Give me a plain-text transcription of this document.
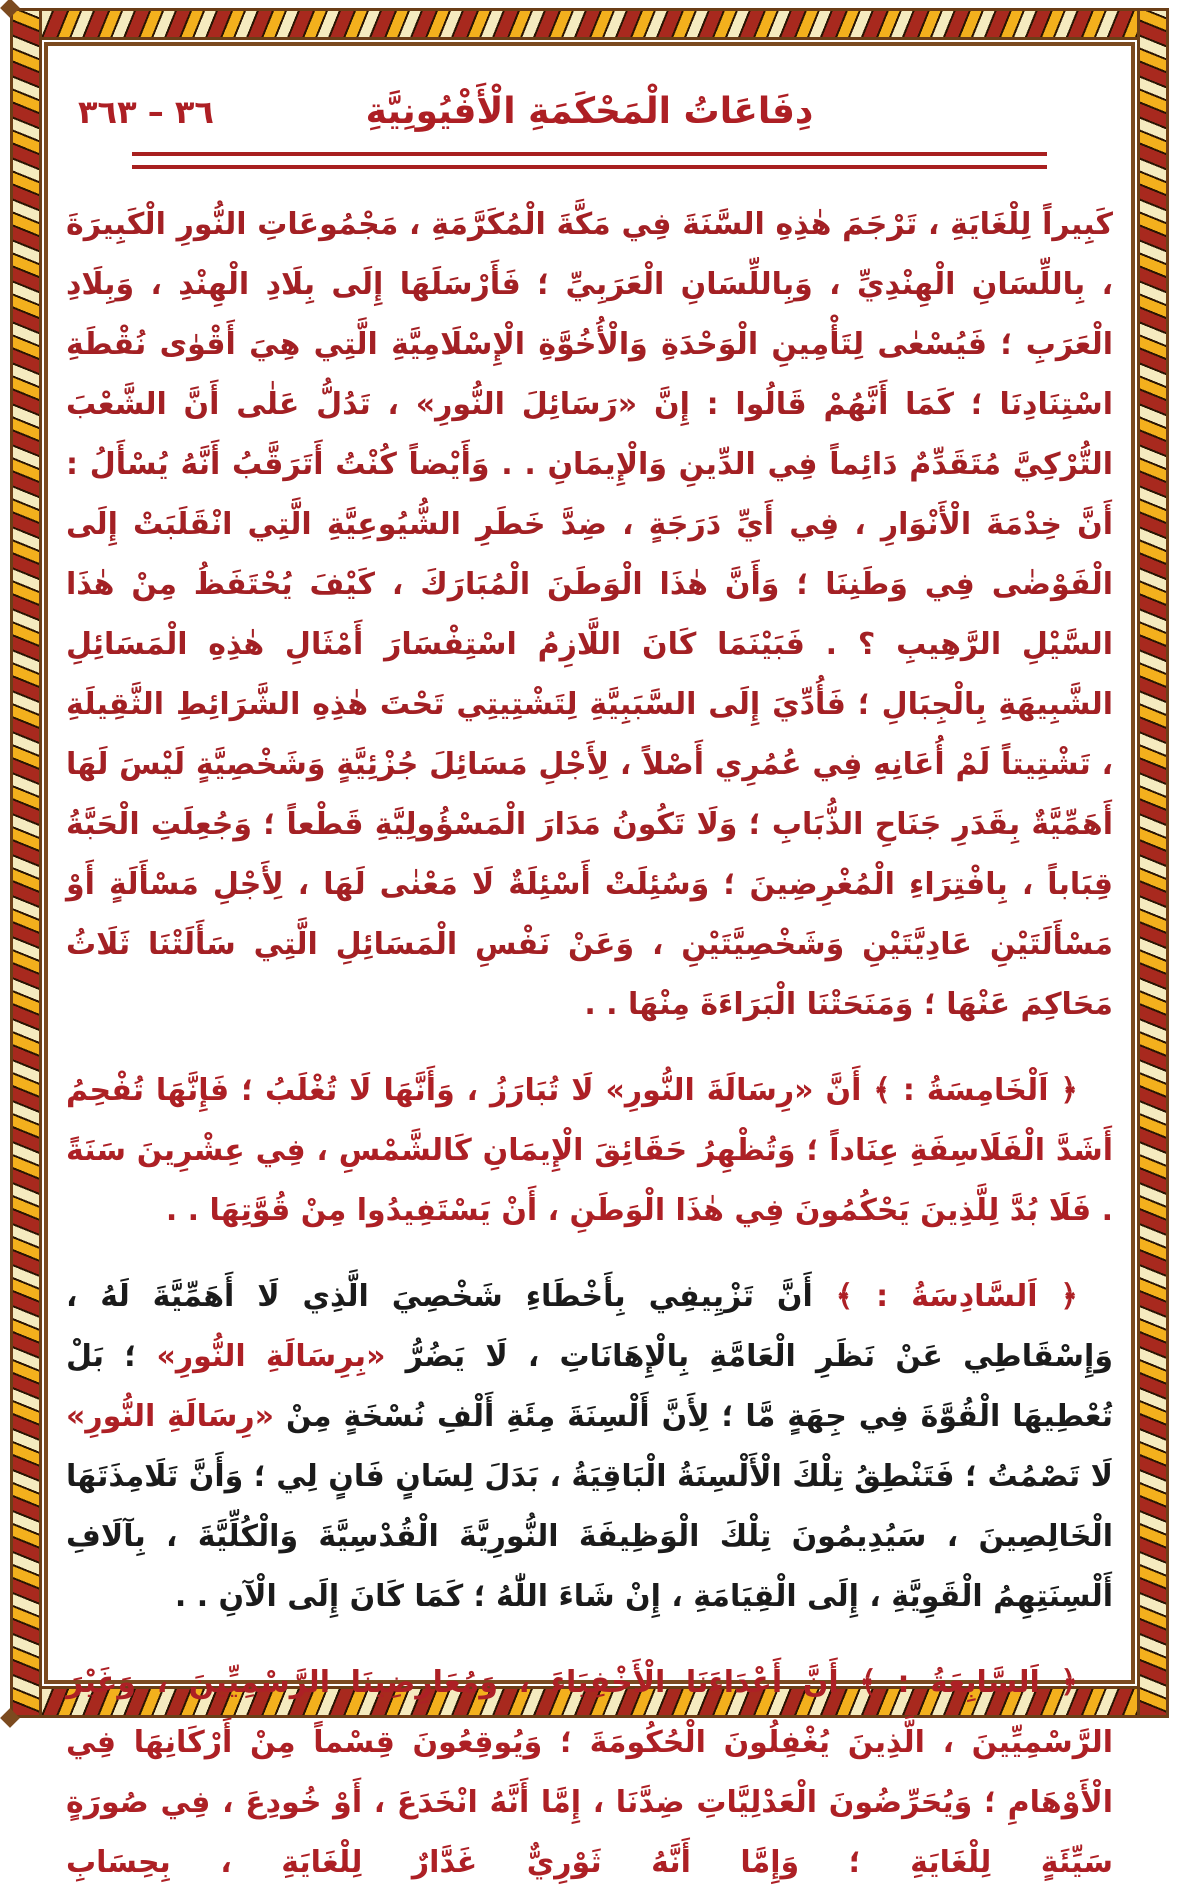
٣٦ – ٣٦٣	دِفَاعَاتُ الْمَحْكَمَةِ الْأَفْيُونِيَّةِ
كَبِيراً لِلْغَايَةِ ، تَرْجَمَ هٰذِهِ السَّنَةَ فِي مَكَّةَ الْمُكَرَّمَةِ ، مَجْمُوعَاتِ النُّورِ الْكَبِيرَةَ ، بِاللِّسَانِ الْهِنْدِيِّ ، وَبِاللِّسَانِ الْعَرَبِيِّ ؛ فَأَرْسَلَهَا إِلَى بِلَادِ الْهِنْدِ ، وَبِلَادِ الْعَرَبِ ؛ فَيُسْعٰى لِتَأْمِينِ الْوَحْدَةِ وَالْأُخُوَّةِ الْإِسْلَامِيَّةِ الَّتِي هِيَ أَقْوٰى نُقْطَةِ اسْتِنَادِنَا ؛ كَمَا أَنَّهُمْ قَالُوا : إِنَّ «رَسَائِلَ النُّورِ» ، تَدُلُّ عَلٰى أَنَّ الشَّعْبَ التُّرْكِيَّ مُتَقَدِّمٌ دَائِماً فِي الدِّينِ وَالْإِيمَانِ . . وَأَيْضاً كُنْتُ أَتَرَقَّبُ أَنَّهُ يُسْأَلُ : أَنَّ خِدْمَةَ الْأَنْوَارِ ، فِي أَيِّ دَرَجَةٍ ، ضِدَّ خَطَرِ الشُّيُوعِيَّةِ الَّتِي انْقَلَبَتْ إِلَى الْفَوْضٰى فِي وَطَنِنَا ؛ وَأَنَّ هٰذَا الْوَطَنَ الْمُبَارَكَ ، كَيْفَ يُحْتَفَظُ مِنْ هٰذَا السَّيْلِ الرَّهِيبِ ؟ . فَبَيْنَمَا كَانَ اللَّازِمُ اسْتِفْسَارَ أَمْثَالِ هٰذِهِ الْمَسَائِلِ الشَّبِيهَةِ بِالْجِبَالِ ؛ فَأُدِّيَ إِلَى السَّبَبِيَّةِ لِتَشْتِيتِي تَحْتَ هٰذِهِ الشَّرَائِطِ الثَّقِيلَةِ ، تَشْتِيتاً لَمْ أُعَانِهِ فِي عُمُرِي أَصْلاً ، لِأَجْلِ مَسَائِلَ جُزْئِيَّةٍ وَشَخْصِيَّةٍ لَيْسَ لَهَا أَهَمِّيَّةٌ بِقَدَرِ جَنَاحِ الذُّبَابِ ؛ وَلَا تَكُونُ مَدَارَ الْمَسْؤُولِيَّةِ قَطْعاً ؛ وَجُعِلَتِ الْحَبَّةُ قِبَاباً ، بِافْتِرَاءِ الْمُغْرِضِينَ ؛ وَسُئِلَتْ أَسْئِلَةٌ لَا مَعْنٰى لَهَا ، لِأَجْلِ مَسْأَلَةٍ أَوْ مَسْأَلَتَيْنِ عَادِيَّتَيْنِ وَشَخْصِيَّتَيْنِ ، وَعَنْ نَفْسِ الْمَسَائِلِ الَّتِي سَأَلَتْنَا ثَلَاثُ مَحَاكِمَ عَنْهَا ؛ وَمَنَحَتْنَا الْبَرَاءَةَ مِنْهَا . .
﴿ اَلْخَامِسَةُ : ﴾ أَنَّ «رِسَالَةَ النُّورِ» لَا تُبَارَزُ ، وَأَنَّهَا لَا تُغْلَبُ ؛ فَإِنَّهَا تُفْحِمُ أَشَدَّ الْفَلَاسِفَةِ عِنَاداً ؛ وَتُظْهِرُ حَقَائِقَ الْإِيمَانِ كَالشَّمْسِ ، فِي عِشْرِينَ سَنَةً . فَلَا بُدَّ لِلَّذِينَ يَحْكُمُونَ فِي هٰذَا الْوَطَنِ ، أَنْ يَسْتَفِيدُوا مِنْ قُوَّتِهَا . .
﴿ اَلسَّادِسَةُ : ﴾ أَنَّ تَزْيِيفِي بِأَخْطَاءِ شَخْصِيَ الَّذِي لَا أَهَمِّيَّةَ لَهُ ، وَإِسْقَاطِي عَنْ نَظَرِ الْعَامَّةِ بِالْإِهَانَاتِ ، لَا يَضُرُّ «بِرِسَالَةِ النُّورِ» ؛ بَلْ تُعْطِيهَا الْقُوَّةَ فِي جِهَةٍ مَّا ؛ لِأَنَّ أَلْسِنَةَ مِئَةِ أَلْفِ نُسْخَةٍ مِنْ «رِسَالَةِ النُّورِ» لَا تَصْمُتُ ؛ فَتَنْطِقُ تِلْكَ الْأَلْسِنَةُ الْبَاقِيَةُ ، بَدَلَ لِسَانٍ فَانٍ لِي ؛ وَأَنَّ تَلَامِذَتَهَا الْخَالِصِينَ ، سَيُدِيمُونَ تِلْكَ الْوَظِيفَةَ النُّورِيَّةَ الْقُدْسِيَّةَ وَالْكُلِّيَّةَ ، بِآلَافِ أَلْسِنَتِهِمُ الْقَوِيَّةِ ، إِلَى الْقِيَامَةِ ، إِنْ شَاءَ اللّٰهُ ؛ كَمَا كَانَ إِلَى الْآنِ . .
﴿ اَلسَّابِعَةُ : ﴾ أَنَّ أَعْدَاءَنَا الْأَخْفِيَاءَ ، وَمُعَارِضِينَا الرَّسْمِيِّينَ ، وَغَيْرَ الرَّسْمِيِّينَ ، الَّذِينَ يُغْفِلُونَ الْحُكُومَةَ ؛ وَيُوقِعُونَ قِسْماً مِنْ أَرْكَانِهَا فِي الْأَوْهَامِ ؛ وَيُحَرِّضُونَ الْعَدْلِيَّاتِ ضِدَّنَا ، إِمَّا أَنَّهُ انْخَدَعَ ، أَوْ خُودِعَ ، فِي صُورَةٍ سَيِّئَةٍ لِلْغَايَةِ ؛ وَإِمَّا أَنَّهُ ثَوْرِيٌّ غَدَّارٌ لِلْغَايَةِ ، بِحِسَابِ
